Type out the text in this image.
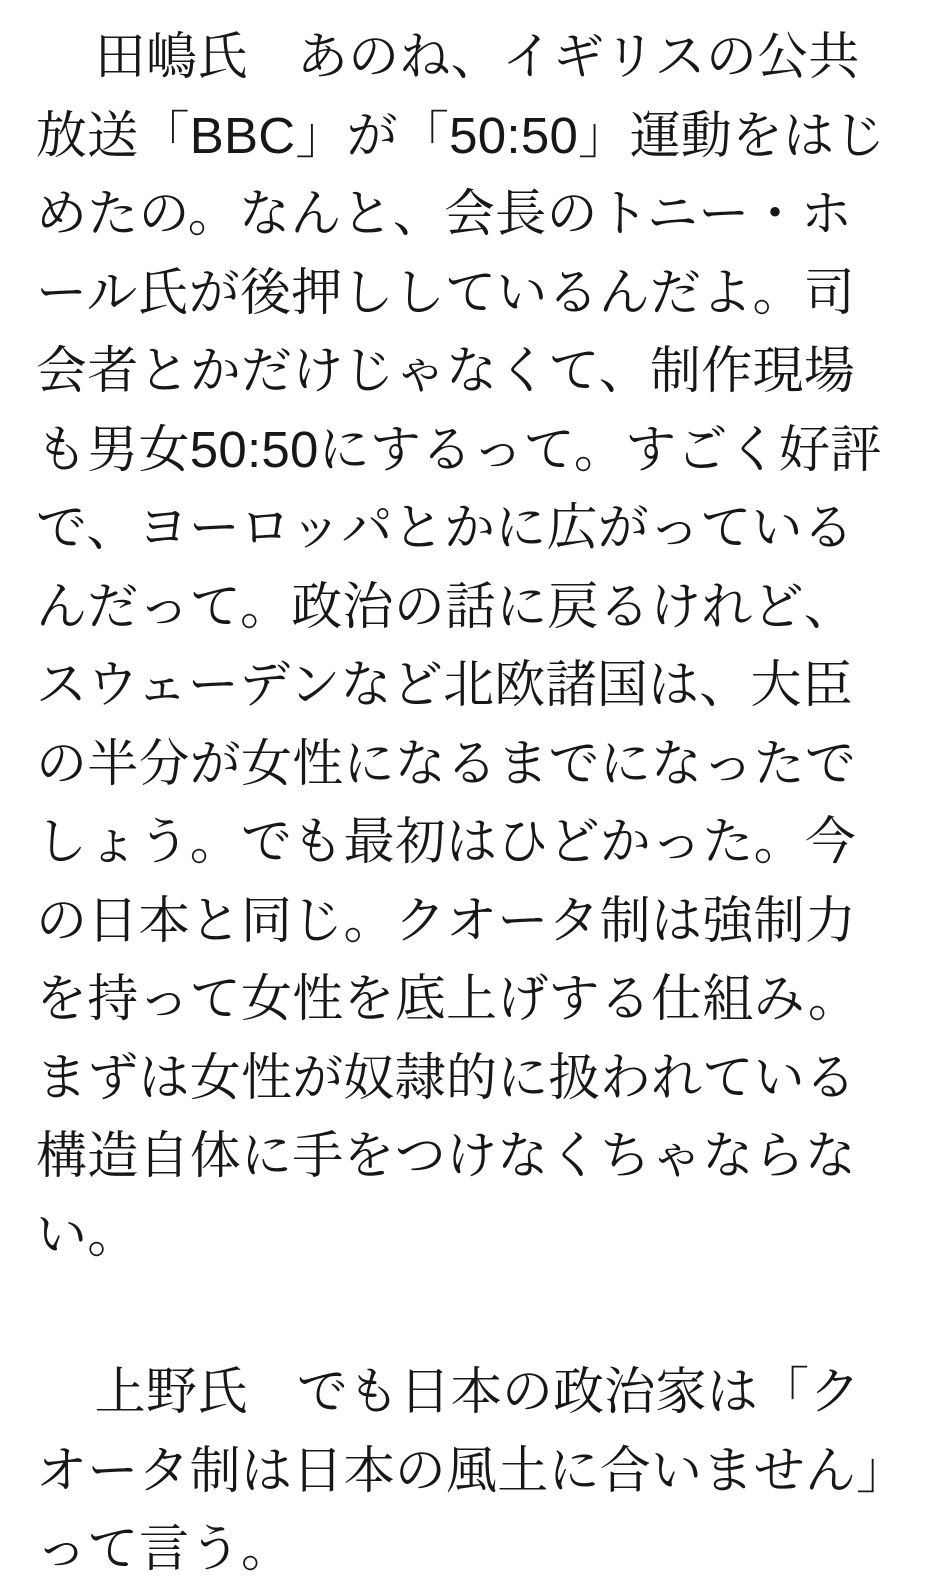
田嶋氏 あのね、イギリスの公共放送「BBC」が「50:50」運動をはじめたの。なんと、会長のトニー・ホール氏が後押ししているんだよ。司会者とかだけじゃなくて、制作現場も男女50:50にするって。すごく好評で、ヨーロッパとかに広がっているんだって。政治の話に戻るけれど、スウェーデンなど北欧諸国は、大臣の半分が女性になるまでになったでしょう。でも最初はひどかった。今の日本と同じ。クオータ制は強制力を持って女性を底上げする仕組み。まずは女性が奴隷的に扱われている構造自体に手をつけなくちゃならない。

上野氏 でも日本の政治家は「クオータ制は日本の風土に合いません」って言う。
